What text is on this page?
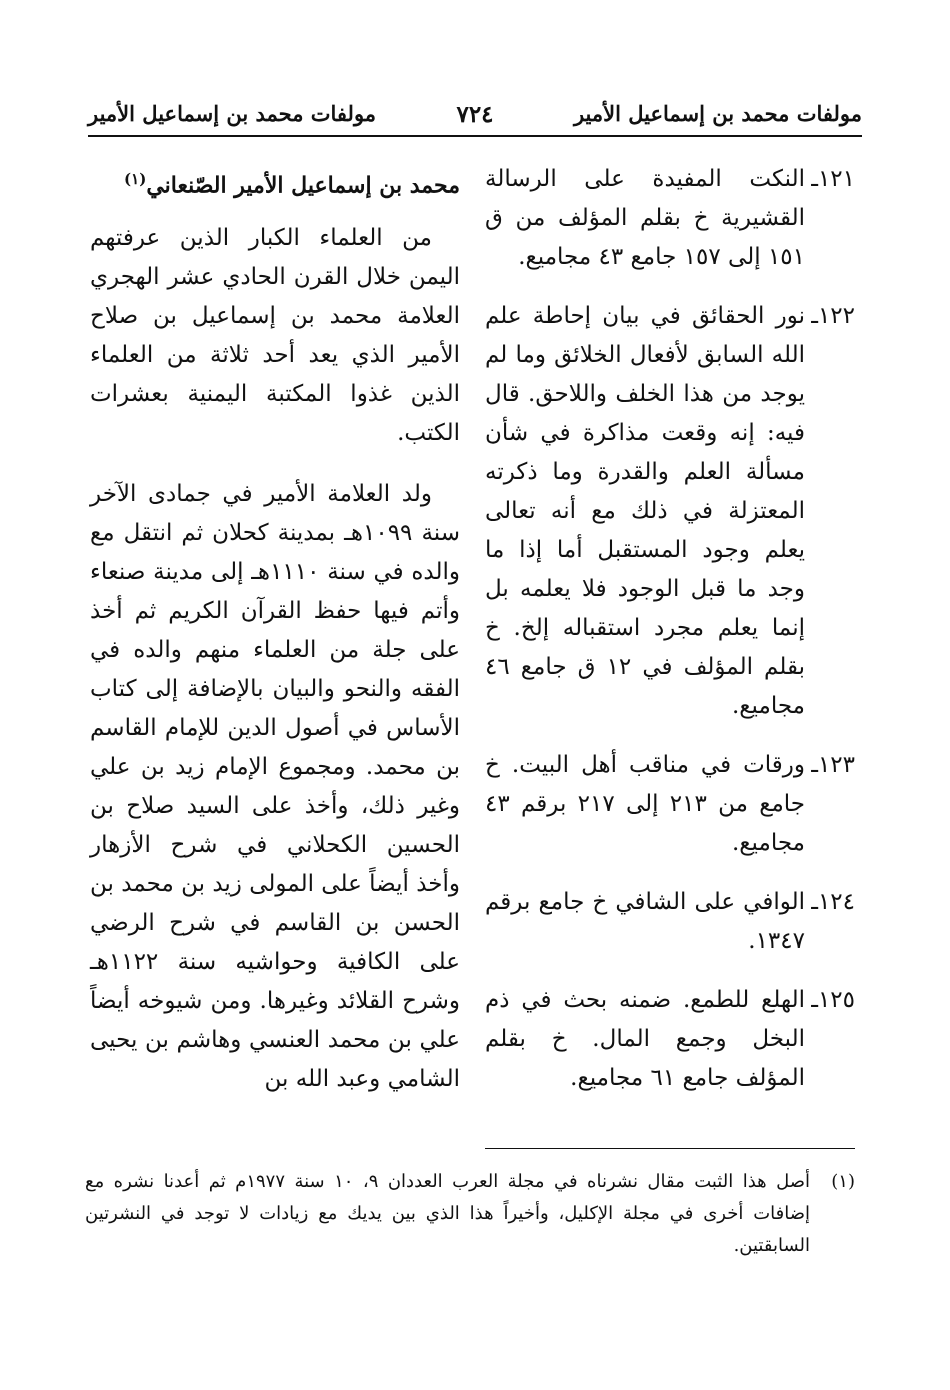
مولفات محمد بن إسماعيل الأمير
٧٢٤
مولفات محمد بن إسماعيل الأمير
١٢١ـ
النكت المفيدة على الرسالة القشيرية خ بقلم المؤلف من ق ١٥١ إلى ١٥٧ جامع ٤٣ مجاميع.
١٢٢ـ
نور الحقائق في بيان إحاطة علم الله السابق لأفعال الخلائق وما لم يوجد من هذا الخلف واللاحق. قال فيه: إنه وقعت مذاكرة في شأن مسألة العلم والقدرة وما ذكرته المعتزلة في ذلك مع أنه تعالى يعلم وجود المستقبل أما إذا ما وجد ما قبل الوجود فلا يعلمه بل إنما يعلم مجرد استقباله إلخ. خ بقلم المؤلف في ١٢ ق جامع ٤٦ مجاميع.
١٢٣ـ
ورقات في مناقب أهل البيت. خ جامع من ٢١٣ إلى ٢١٧ برقم ٤٣ مجاميع.
١٢٤ـ
الوافي على الشافي خ جامع برقم ١٣٤٧.
١٢٥ـ
الهلع للطمع. ضمنه بحث في ذم البخل وجمع المال. خ بقلم المؤلف جامع ٦١ مجاميع.
محمد بن إسماعيل الأمير الصّنعاني$^{(١)}$

من العلماء الكبار الذين عرفتهم اليمن خلال القرن الحادي عشر الهجري العلامة محمد بن إسماعيل بن صلاح الأمير الذي يعد أحد ثلاثة من العلماء الذين غذوا المكتبة اليمنية بعشرات الكتب.

ولد العلامة الأمير في جمادى الآخر سنة ١٠٩٩هـ بمدينة كحلان ثم انتقل مع والده في سنة ١١١٠هـ إلى مدينة صنعاء وأتم فيها حفظ القرآن الكريم ثم أخذ على جلة من العلماء منهم والده في الفقه والنحو والبيان بالإضافة إلى كتاب الأساس في أصول الدين للإمام القاسم بن محمد. ومجموع الإمام زيد بن علي وغير ذلك، وأخذ على السيد صلاح بن الحسين الكحلاني في شرح الأزهار وأخذ أيضاً على المولى زيد بن محمد بن الحسن بن القاسم في شرح الرضي على الكافية وحواشيه سنة ١١٢٢هـ وشرح القلائد وغيرها. ومن شيوخه أيضاً علي بن محمد العنسي وهاشم بن يحيى الشامي وعبد الله بن

(١)
أصل هذا الثبت مقال نشرناه في مجلة العرب العددان ٩، ١٠ سنة ١٩٧٧م ثم أعدنا نشره مع إضافات أخرى في مجلة الإكليل، وأخيراً هذا الذي بين يديك مع زيادات لا توجد في النشرتين السابقتين.
